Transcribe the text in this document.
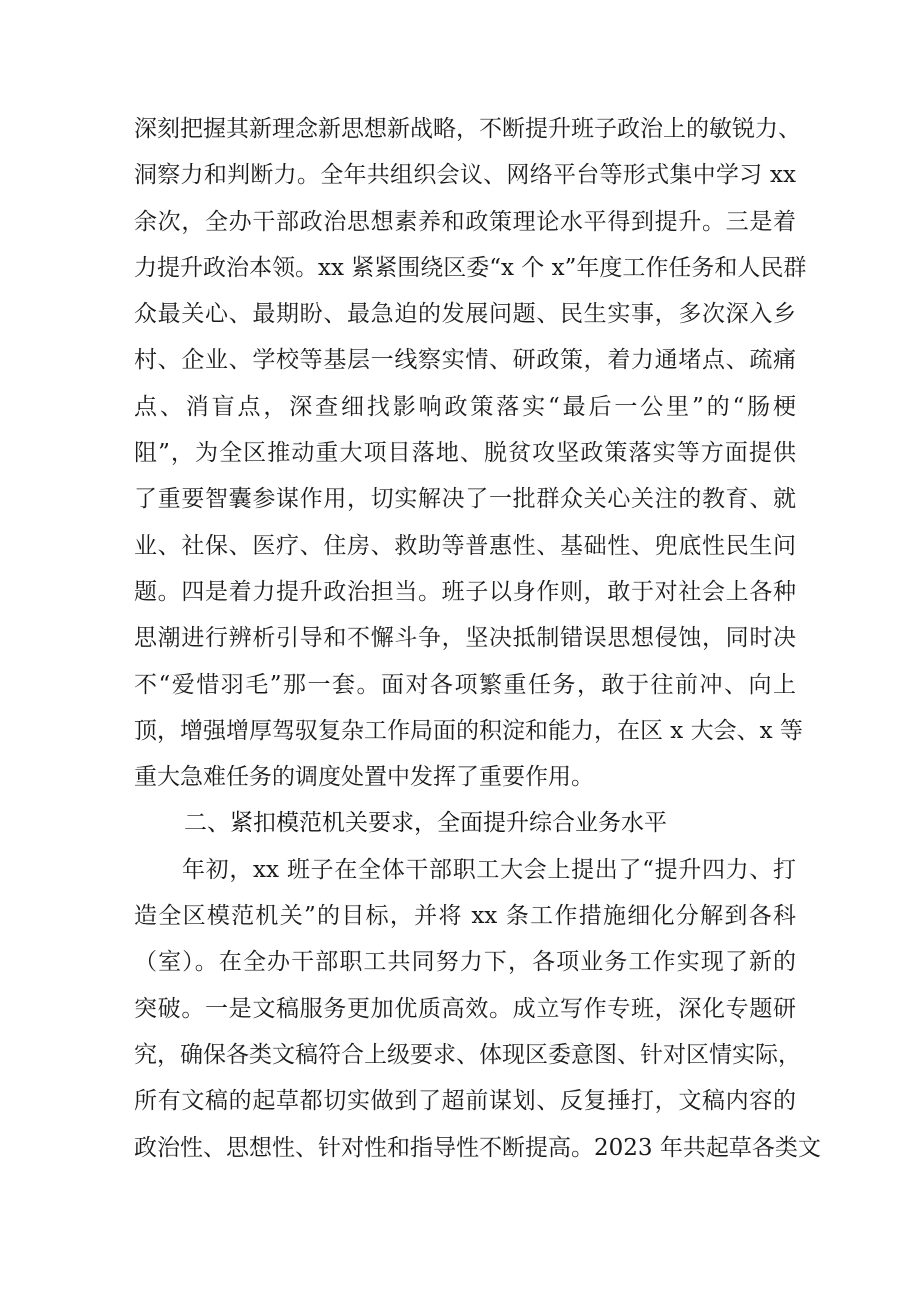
深刻把握其新理念新思想新战略，不断提升班子政治上的敏锐力、
洞察力和判断力。全年共组织会议、网络平台等形式集中学习 xx
余次，全办干部政治思想素养和政策理论水平得到提升。三是着
力提升政治本领。xx 紧紧围绕区委“x 个 x”年度工作任务和人民群
众最关心、最期盼、最急迫的发展问题、民生实事，多次深入乡
村、企业、学校等基层一线察实情、研政策，着力通堵点、疏痛
点、消盲点，深查细找影响政策落实“最后一公里”的“肠梗
阻”，为全区推动重大项目落地、脱贫攻坚政策落实等方面提供
了重要智囊参谋作用，切实解决了一批群众关心关注的教育、就
业、社保、医疗、住房、救助等普惠性、基础性、兜底性民生问
题。四是着力提升政治担当。班子以身作则，敢于对社会上各种
思潮进行辨析引导和不懈斗争，坚决抵制错误思想侵蚀，同时决
不“爱惜羽毛”那一套。面对各项繁重任务，敢于往前冲、向上
顶，增强增厚驾驭复杂工作局面的积淀和能力，在区 x 大会、x 等
重大急难任务的调度处置中发挥了重要作用。
二、紧扣模范机关要求，全面提升综合业务水平
年初，xx 班子在全体干部职工大会上提出了“提升四力、打
造全区模范机关”的目标，并将 xx 条工作措施细化分解到各科
（室）。在全办干部职工共同努力下，各项业务工作实现了新的
突破。一是文稿服务更加优质高效。成立写作专班，深化专题研
究，确保各类文稿符合上级要求、体现区委意图、针对区情实际，
所有文稿的起草都切实做到了超前谋划、反复捶打，文稿内容的
政治性、思想性、针对性和指导性不断提高。2023 年共起草各类文
